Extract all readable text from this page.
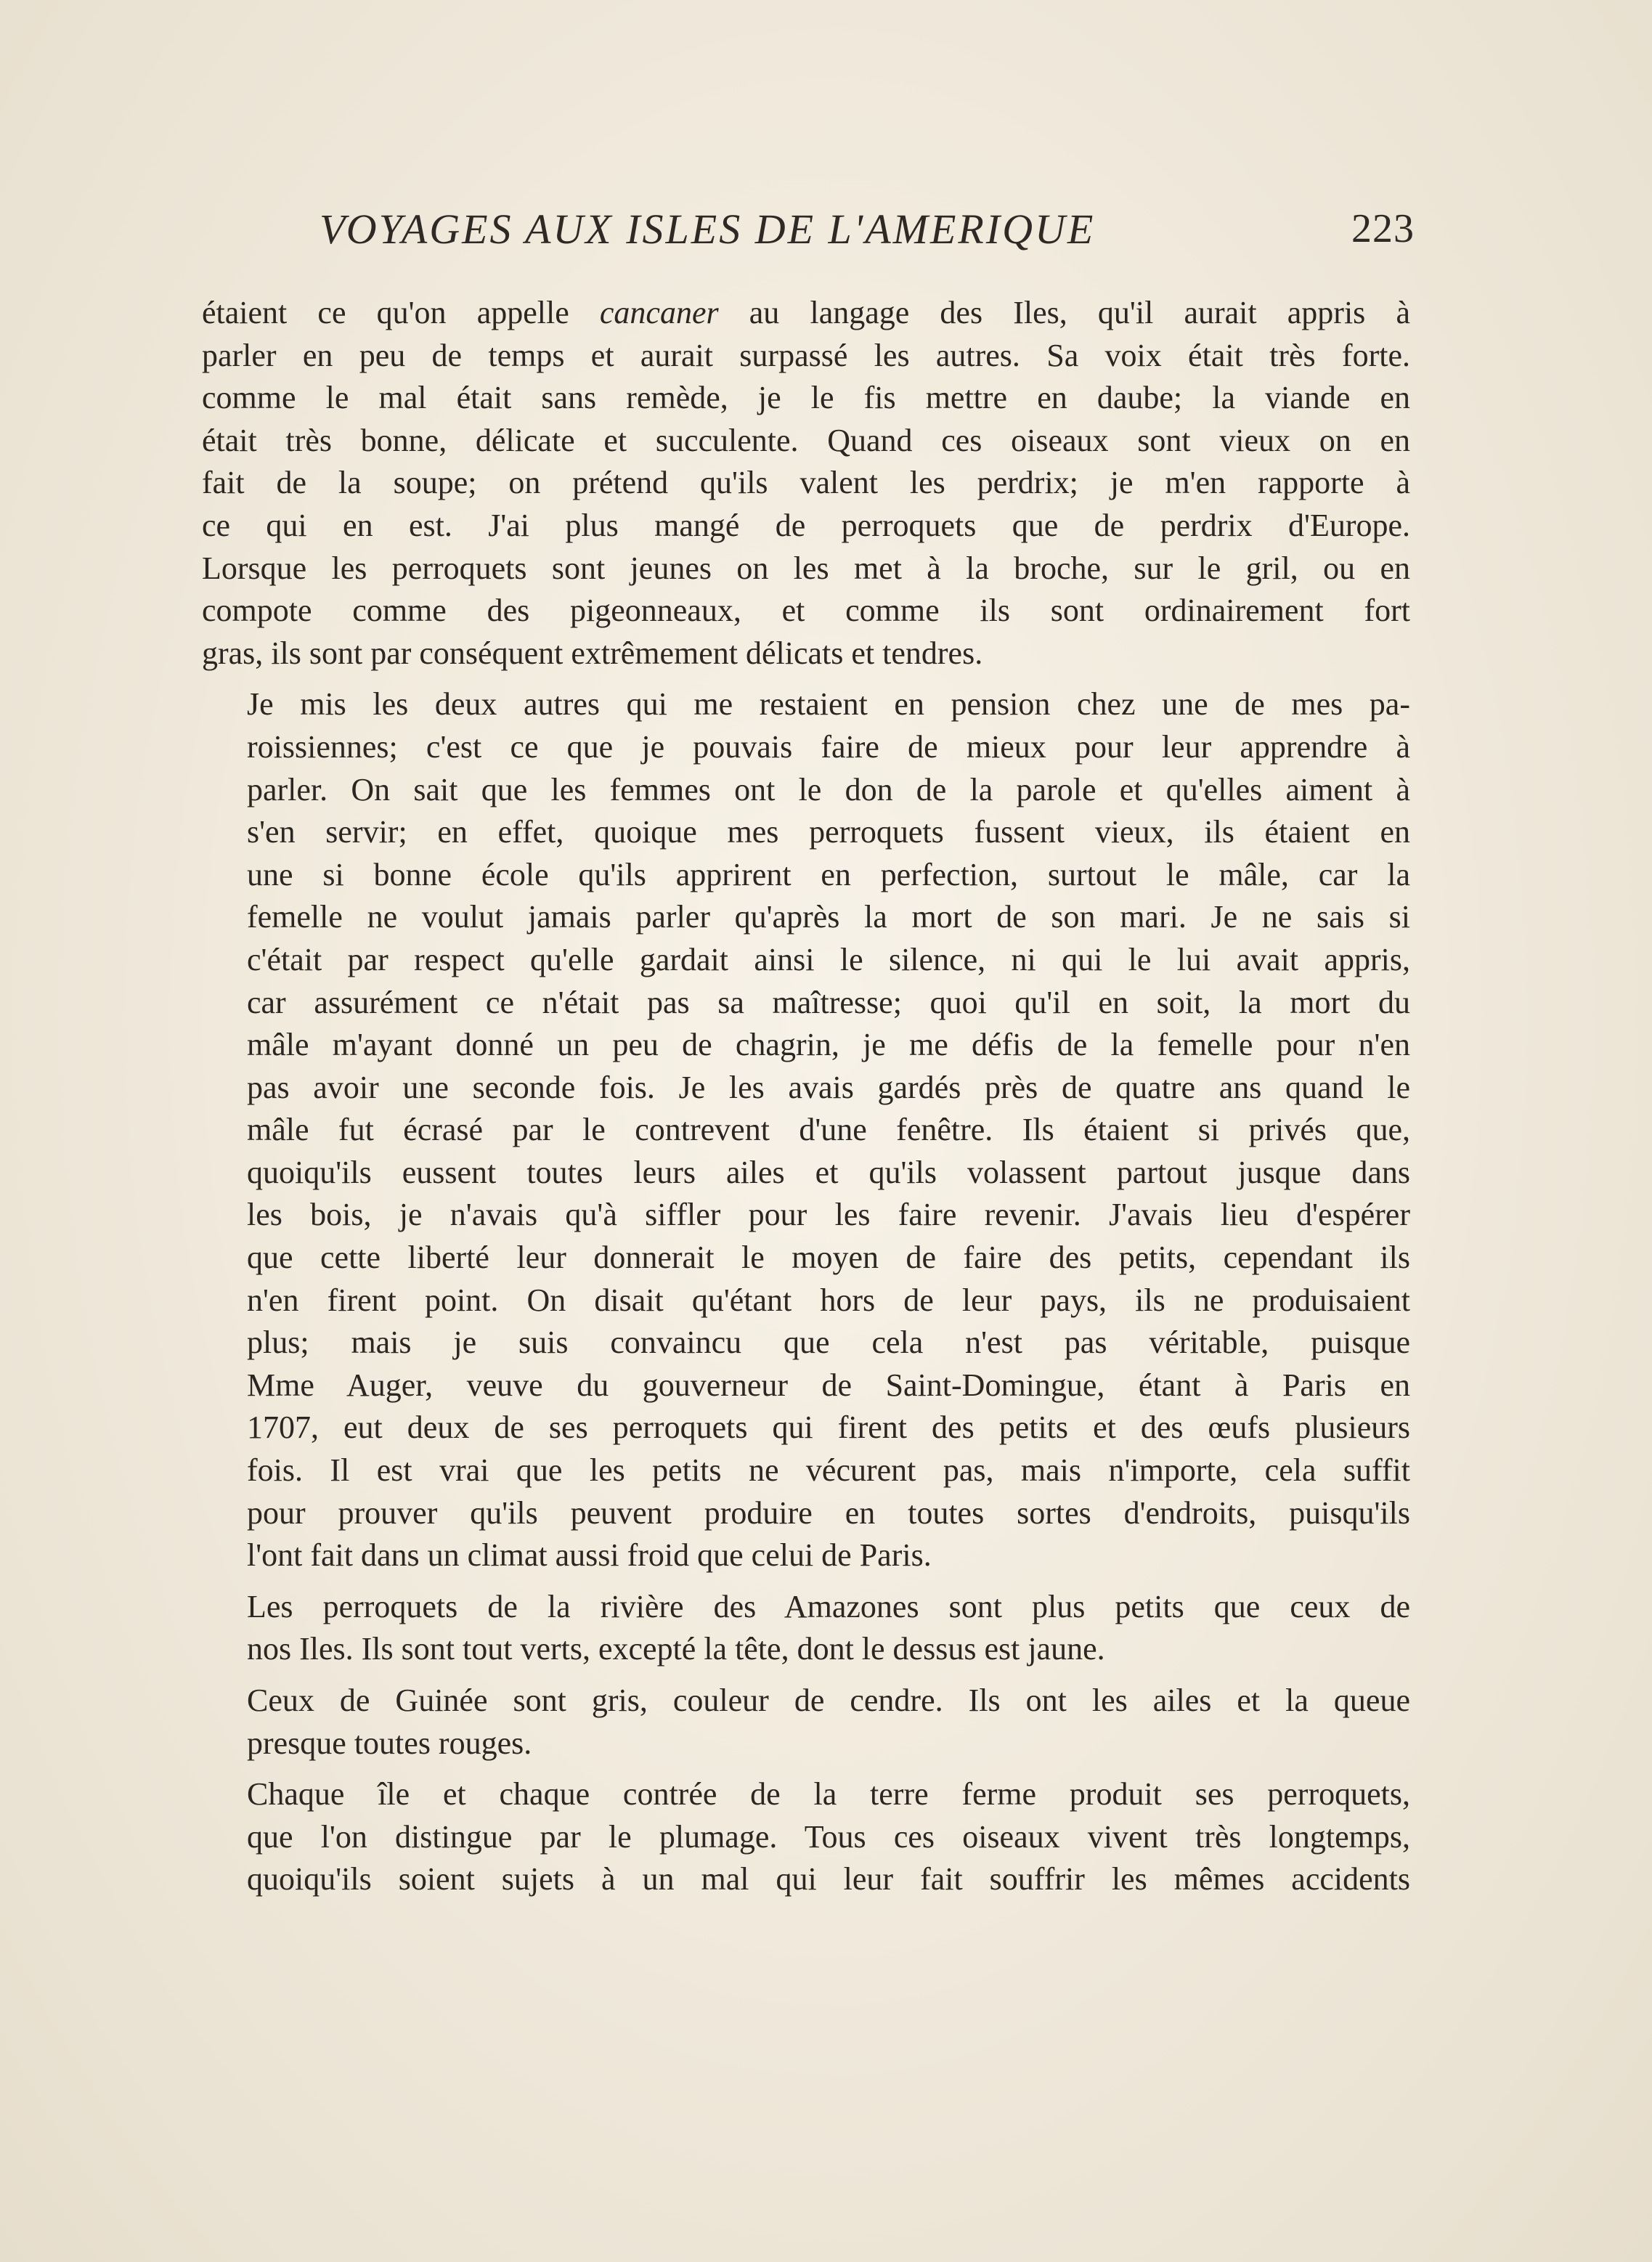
VOYAGES AUX ISLES DE L'AMERIQUE	223

étaient ce qu'on appelle cancaner au langage des Iles, qu'il aurait appris à
parler en peu de temps et aurait surpassé les autres. Sa voix était très forte.
comme le mal était sans remède, je le fis mettre en daube; la viande en
était très bonne, délicate et succulente. Quand ces oiseaux sont vieux on en
fait de la soupe; on prétend qu'ils valent les perdrix; je m'en rapporte à
ce qui en est. J'ai plus mangé de perroquets que de perdrix d'Europe.
Lorsque les perroquets sont jeunes on les met à la broche, sur le gril, ou en
compote comme des pigeonneaux, et comme ils sont ordinairement fort
gras, ils sont par conséquent extrêmement délicats et tendres.

Je mis les deux autres qui me restaient en pension chez une de mes pa-
roissiennes; c'est ce que je pouvais faire de mieux pour leur apprendre à
parler. On sait que les femmes ont le don de la parole et qu'elles aiment à
s'en servir; en effet, quoique mes perroquets fussent vieux, ils étaient en
une si bonne école qu'ils apprirent en perfection, surtout le mâle, car la
femelle ne voulut jamais parler qu'après la mort de son mari. Je ne sais si
c'était par respect qu'elle gardait ainsi le silence, ni qui le lui avait appris,
car assurément ce n'était pas sa maîtresse; quoi qu'il en soit, la mort du
mâle m'ayant donné un peu de chagrin, je me défis de la femelle pour n'en
pas avoir une seconde fois. Je les avais gardés près de quatre ans quand le
mâle fut écrasé par le contrevent d'une fenêtre. Ils étaient si privés que,
quoiqu'ils eussent toutes leurs ailes et qu'ils volassent partout jusque dans
les bois, je n'avais qu'à siffler pour les faire revenir. J'avais lieu d'espérer
que cette liberté leur donnerait le moyen de faire des petits, cependant ils
n'en firent point. On disait qu'étant hors de leur pays, ils ne produisaient
plus; mais je suis convaincu que cela n'est pas véritable, puisque
Mme Auger, veuve du gouverneur de Saint-Domingue, étant à Paris en
1707, eut deux de ses perroquets qui firent des petits et des œufs plusieurs
fois. Il est vrai que les petits ne vécurent pas, mais n'importe, cela suffit
pour prouver qu'ils peuvent produire en toutes sortes d'endroits, puisqu'ils
l'ont fait dans un climat aussi froid que celui de Paris.

Les perroquets de la rivière des Amazones sont plus petits que ceux de
nos Iles. Ils sont tout verts, excepté la tête, dont le dessus est jaune.

Ceux de Guinée sont gris, couleur de cendre. Ils ont les ailes et la queue
presque toutes rouges.

Chaque île et chaque contrée de la terre ferme produit ses perroquets,
que l'on distingue par le plumage. Tous ces oiseaux vivent très longtemps,
quoiqu'ils soient sujets à un mal qui leur fait souffrir les mêmes accidents
